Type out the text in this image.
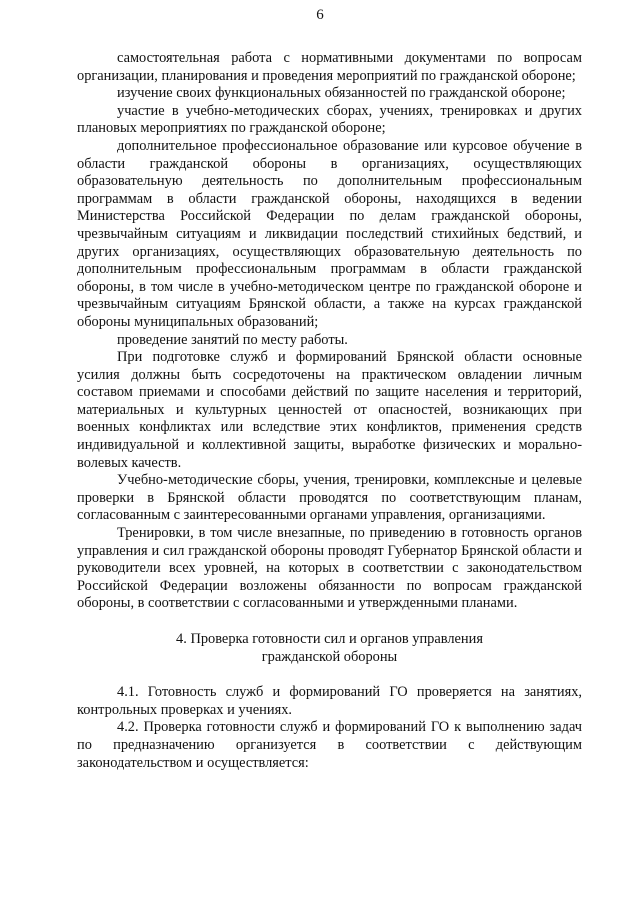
6

самостоятельная работа с нормативными документами по вопросам организации, планирования и проведения мероприятий по гражданской обороне;

изучение своих функциональных обязанностей по гражданской обороне;

участие в учебно-методических сборах, учениях, тренировках и других плановых мероприятиях по гражданской обороне;

дополнительное профессиональное образование или курсовое обучение в области гражданской обороны в организациях, осуществляющих образовательную деятельность по дополнительным профессиональным программам в области гражданской обороны, находящихся в ведении Министерства Российской Федерации по делам гражданской обороны, чрезвычайным ситуациям и ликвидации последствий стихийных бедствий, и других организациях, осуществляющих образовательную деятельность по дополнительным профессиональным программам в области гражданской обороны, в том числе в учебно-методическом центре по гражданской обороне и чрезвычайным ситуациям Брянской области, а также на курсах гражданской обороны муниципальных образований;

проведение занятий по месту работы.

При подготовке служб и формирований Брянской области основные усилия должны быть сосредоточены на практическом овладении личным составом приемами и способами действий по защите населения и территорий, материальных и культурных ценностей от опасностей, возникающих при военных конфликтах или вследствие этих конфликтов, применения средств индивидуальной и коллективной защиты, выработке физических и морально-волевых качеств.

Учебно-методические сборы, учения, тренировки, комплексные и целевые проверки в Брянской области проводятся по соответствующим планам, согласованным с заинтересованными органами управления, организациями.

Тренировки, в том числе внезапные, по приведению в готовность органов управления и сил гражданской обороны проводят Губернатор Брянской области и руководители всех уровней, на которых в соответствии с законодательством Российской Федерации возложены обязанности по вопросам гражданской обороны, в соответствии с согласованными и утвержденными планами.

4. Проверка готовности сил и органов управления
гражданской обороны

4.1. Готовность служб и формирований ГО проверяется на занятиях, контрольных проверках и учениях.

4.2. Проверка готовности служб и формирований ГО к выполнению задач по предназначению организуется в соответствии с действующим законодательством и осуществляется:
